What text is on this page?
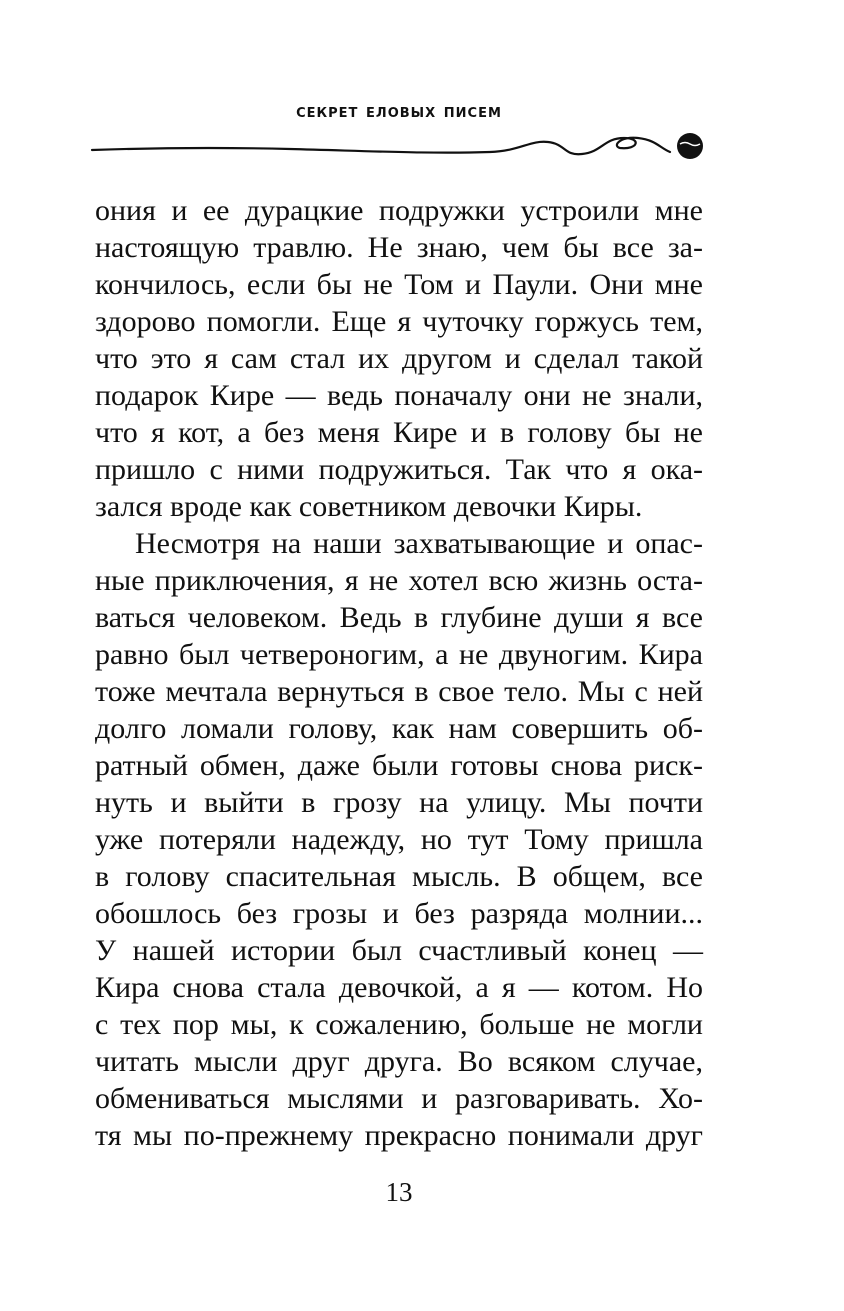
секрет еловых писем
ония и ее дурацкие подружки устроили мне
настоящую травлю. Не знаю, чем бы все за-
кончилось, если бы не Том и Паули. Они мне
здорово помогли. Еще я чуточку горжусь тем,
что это я сам стал их другом и сделал такой
подарок Кире — ведь поначалу они не знали,
что я кот, а без меня Кире и в голову бы не
пришло с ними подружиться. Так что я ока-
зался вроде как советником девочки Киры.
Несмотря на наши захватывающие и опас-
ные приключения, я не хотел всю жизнь оста-
ваться человеком. Ведь в глубине души я все
равно был четвероногим, а не двуногим. Кира
тоже мечтала вернуться в свое тело. Мы с ней
долго ломали голову, как нам совершить об-
ратный обмен, даже были готовы снова риск-
нуть и выйти в грозу на улицу. Мы почти
уже потеряли надежду, но тут Тому пришла
в голову спасительная мысль. В общем, все
обошлось без грозы и без разряда молнии...
У нашей истории был счастливый конец —
Кира снова стала девочкой, а я — котом. Но
с тех пор мы, к сожалению, больше не могли
читать мысли друг друга. Во всяком случае,
обмениваться мыслями и разговаривать. Хо-
тя мы по-прежнему прекрасно понимали друг
13
